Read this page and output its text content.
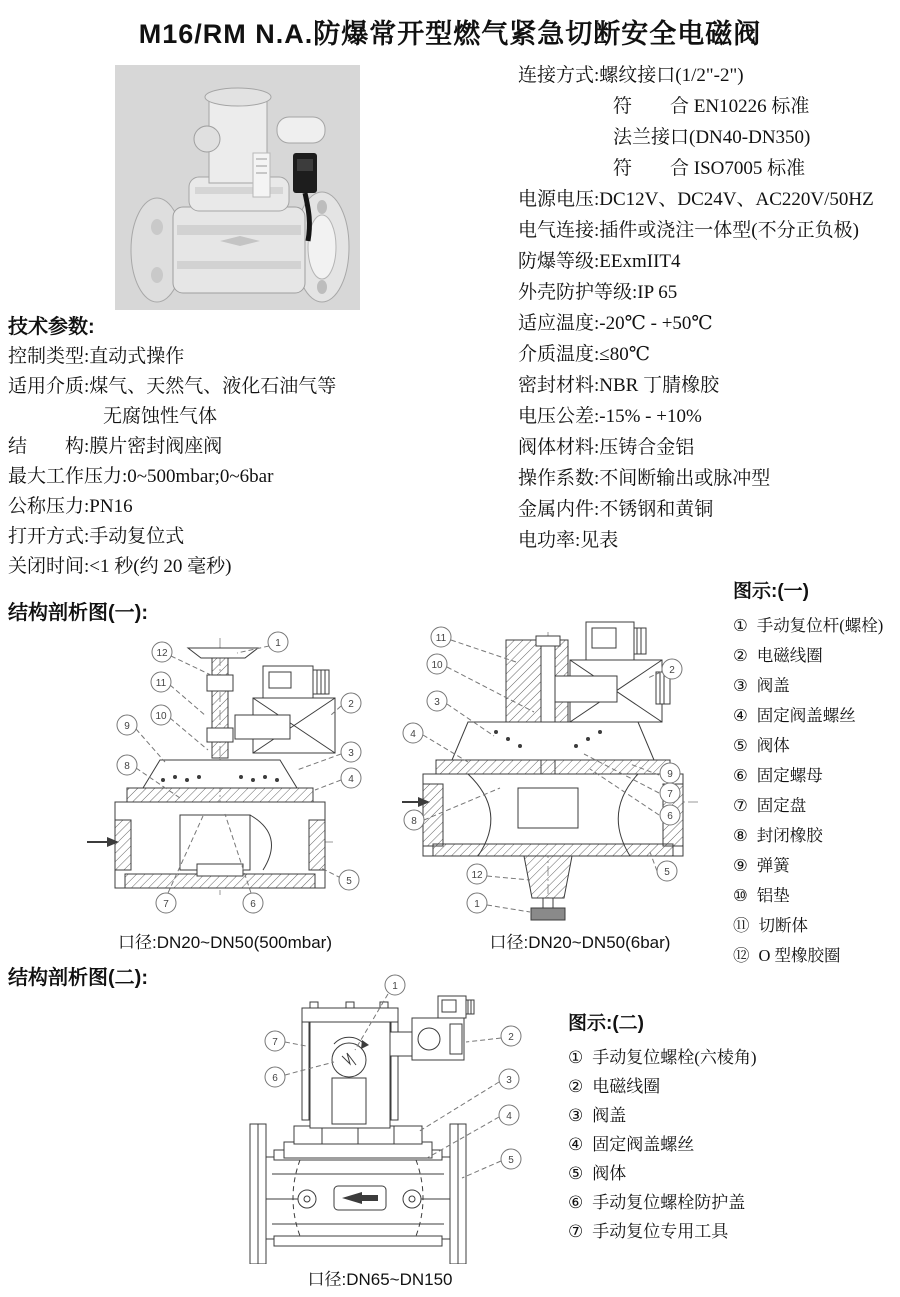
M16/RM N.A.防爆常开型燃气紧急切断安全电磁阀
技术参数:
控制类型:直动式操作
适用介质:煤气、天然气、液化石油气等
无腐蚀性气体
结　　构:膜片密封阀座阀
最大工作压力:0~500mbar;0~6bar
公称压力:PN16
打开方式:手动复位式
关闭时间:<1 秒(约 20 毫秒)
连接方式:螺纹接口(1/2"-2")
符　　合 EN10226 标准
法兰接口(DN40-DN350)
符　　合 ISO7005 标准
电源电压:DC12V、DC24V、AC220V/50HZ
电气连接:插件或浇注一体型(不分正负极)
防爆等级:EExmIIT4
外壳防护等级:IP 65
适应温度:-20℃ - +50℃
介质温度:≤80℃
密封材料:NBR 丁腈橡胶
电压公差:-15% - +10%
阀体材料:压铸合金铝
操作系数:不间断输出或脉冲型
金属内件:不锈钢和黄铜
电功率:见表
结构剖析图(一):
1
12
11
10
9
8
2
3
4
5
7	6
口径:DN20~DN50(500mbar)
11
10
3
4
2
9
7
6
8
5
12
1
口径:DN20~DN50(6bar)
图示:(一)
① 手动复位杆(螺栓)
② 电磁线圈
③ 阀盖
④ 固定阀盖螺丝
⑤ 阀体
⑥ 固定螺母
⑦ 固定盘
⑧ 封闭橡胶
⑨ 弹簧
⑩ 铝垫
⑪ 切断体
⑫ O 型橡胶圈
结构剖析图(二):	1
7
6
2
3
4
5
口径:DN65~DN150
图示:(二)
① 手动复位螺栓(六棱角)
② 电磁线圈
③ 阀盖
④ 固定阀盖螺丝
⑤ 阀体
⑥ 手动复位螺栓防护盖
⑦ 手动复位专用工具
